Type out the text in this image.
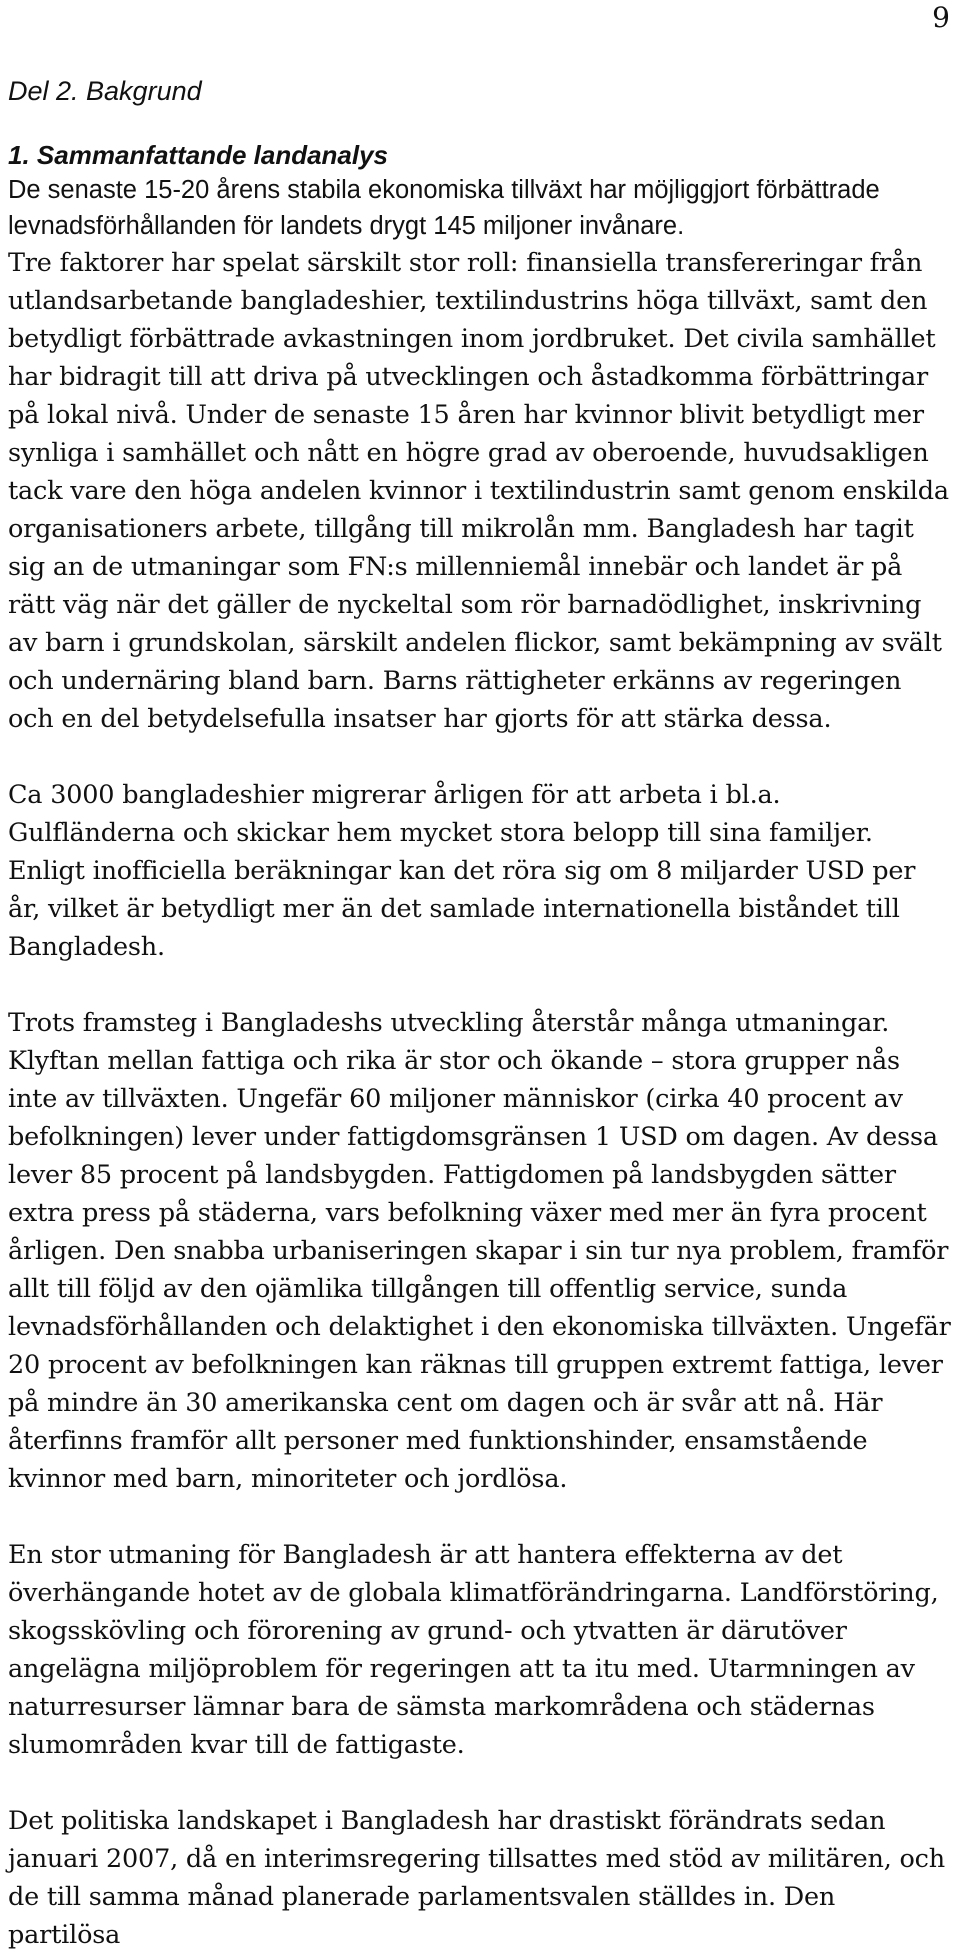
9
Del 2. Bakgrund
1. Sammanfattande landanalys

De senaste 15-20 årens stabila ekonomiska tillväxt har möjliggjort förbättrade levnadsförhållanden för landets drygt 145 miljoner invånare.

Tre faktorer har spelat särskilt stor roll: finansiella transfereringar från utlandsarbetande bangladeshier, textilindustrins höga tillväxt, samt den betydligt förbättrade avkastningen inom jordbruket. Det civila samhället har bidragit till att driva på utvecklingen och åstadkomma förbättringar på lokal nivå. Under de senaste 15 åren har kvinnor blivit betydligt mer synliga i samhället och nått en högre grad av oberoende, huvudsakligen tack vare den höga andelen kvinnor i textilindustrin samt genom enskilda organisationers arbete, tillgång till mikrolån mm. Bangladesh har tagit sig an de utmaningar som FN:s millenniemål innebär och landet är på rätt väg när det gäller de nyckeltal som rör barnadödlighet, inskrivning av barn i grundskolan, särskilt andelen flickor, samt bekämpning av svält och undernäring bland barn. Barns rättigheter erkänns av regeringen och en del betydelsefulla insatser har gjorts för att stärka dessa.

Ca 3000 bangladeshier migrerar årligen för att arbeta i bl.a. Gulfländerna och skickar hem mycket stora belopp till sina familjer. Enligt inofficiella beräkningar kan det röra sig om 8 miljarder USD per år, vilket är betydligt mer än det samlade internationella biståndet till Bangladesh.

Trots framsteg i Bangladeshs utveckling återstår många utmaningar. Klyftan mellan fattiga och rika är stor och ökande – stora grupper nås inte av tillväxten. Ungefär 60 miljoner människor (cirka 40 procent av befolkningen) lever under fattigdomsgränsen 1 USD om dagen. Av dessa lever 85 procent på landsbygden. Fattigdomen på landsbygden sätter extra press på städerna, vars befolkning växer med mer än fyra procent årligen. Den snabba urbaniseringen skapar i sin tur nya problem, framför allt till följd av den ojämlika tillgången till offentlig service, sunda levnadsförhållanden och delaktighet i den ekonomiska tillväxten. Ungefär 20 procent av befolkningen kan räknas till gruppen extremt fattiga, lever på mindre än 30 amerikanska cent om dagen och är svår att nå. Här återfinns framför allt personer med funktionshinder, ensamstående kvinnor med barn, minoriteter och jordlösa.

En stor utmaning för Bangladesh är att hantera effekterna av det överhängande hotet av de globala klimatförändringarna. Landförstöring, skogsskövling och förorening av grund- och ytvatten är därutöver angelägna miljöproblem för regeringen att ta itu med. Utarmningen av naturresurser lämnar bara de sämsta markområdena och städernas slumområden kvar till de fattigaste.

Det politiska landskapet i Bangladesh har drastiskt förändrats sedan januari 2007, då en interimsregering tillsattes med stöd av militären, och de till samma månad planerade parlamentsvalen ställdes in. Den partilösa
